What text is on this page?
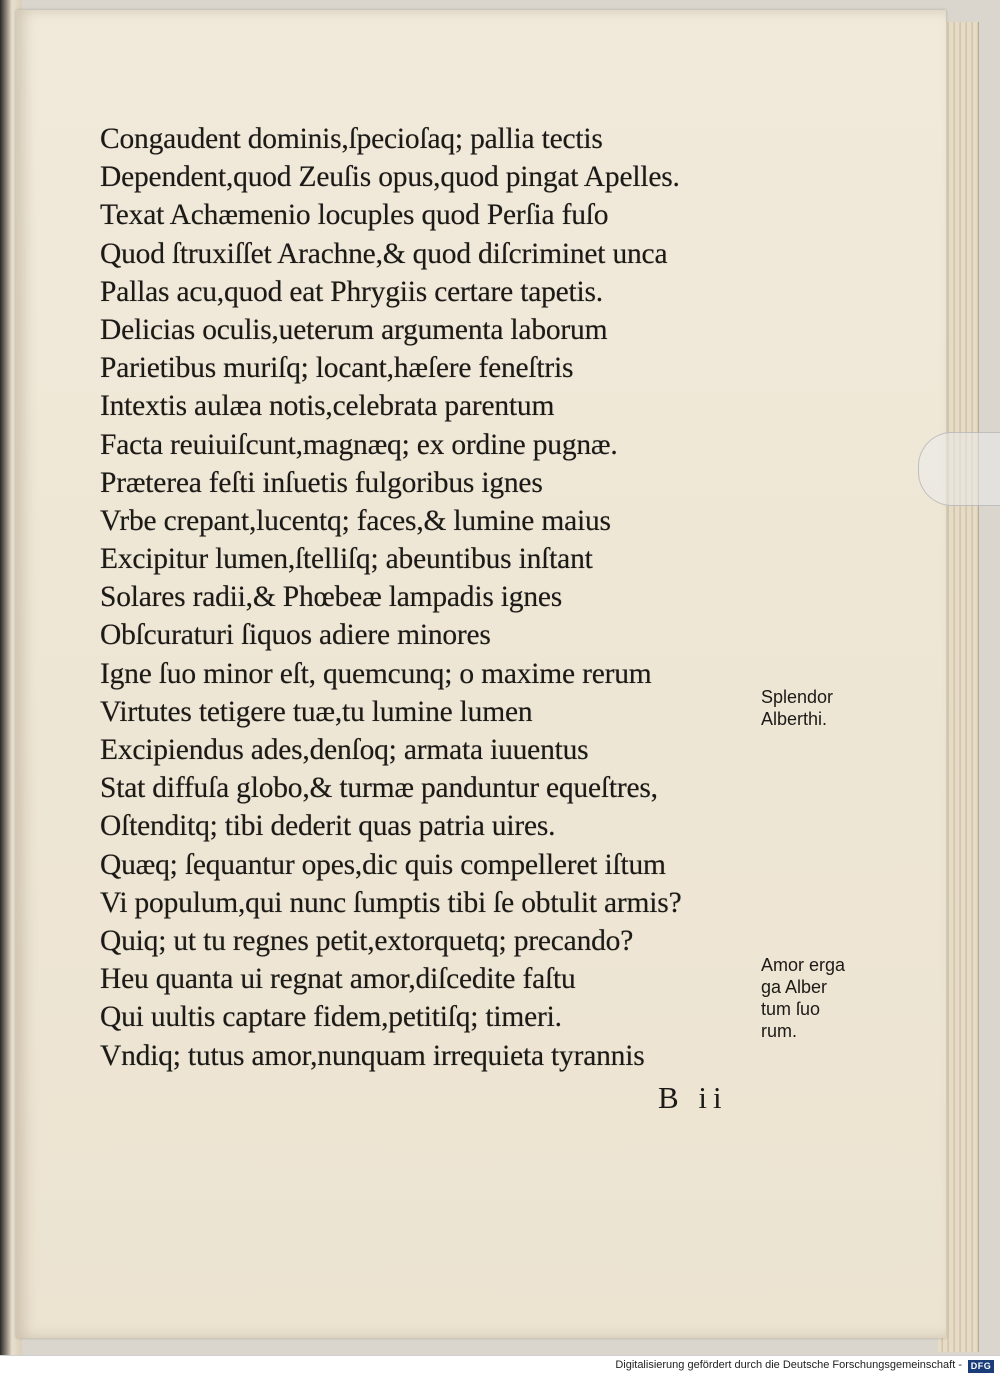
Congaudent dominis,ſpecioſaq; pallia tectis
Dependent,quod Zeuſis opus,quod pingat Apelles.
Texat Achæmenio locuples quod Perſia fuſo
Quod ſtruxiſſet Arachne,& quod diſcriminet unca
Pallas acu,quod eat Phrygiis certare tapetis.
Delicias oculis,ueterum argumenta laborum
Parietibus muriſq; locant,hæſere feneſtris
Intextis aulæa notis,celebrata parentum
Facta reuiuiſcunt,magnæq; ex ordine pugnæ.
Præterea feſti inſuetis fulgoribus ignes
Vrbe crepant,lucentq; faces,& lumine maius
Excipitur lumen,ſtelliſq; abeuntibus inſtant
Solares radii,& Phœbeæ lampadis ignes
Obſcuraturi ſiquos adiere minores
Igne ſuo minor eſt, quemcunq; o maxime rerum
Virtutes tetigere tuæ,tu lumine lumen
Excipiendus ades,denſoq; armata iuuentus
Stat diffuſa globo,& turmæ panduntur equeſtres,
Oſtenditq; tibi dederit quas patria uires.
Quæq; ſequantur opes,dic quis compelleret iſtum
Vi populum,qui nunc ſumptis tibi ſe obtulit armis?
Quiq; ut tu regnes petit,extorquetq; precando?
Heu quanta ui regnat amor,diſcedite faſtu
Qui uultis captare fidem,petitiſq; timeri.
Vndiq; tutus amor,nunquam irrequieta tyrannis
B ii
Splendor
Alberthi.
Amor erga
ga Alber
tum ſuo
rum.
Digitalisierung gefördert durch die Deutsche Forschungsgemeinschaft - DFG
